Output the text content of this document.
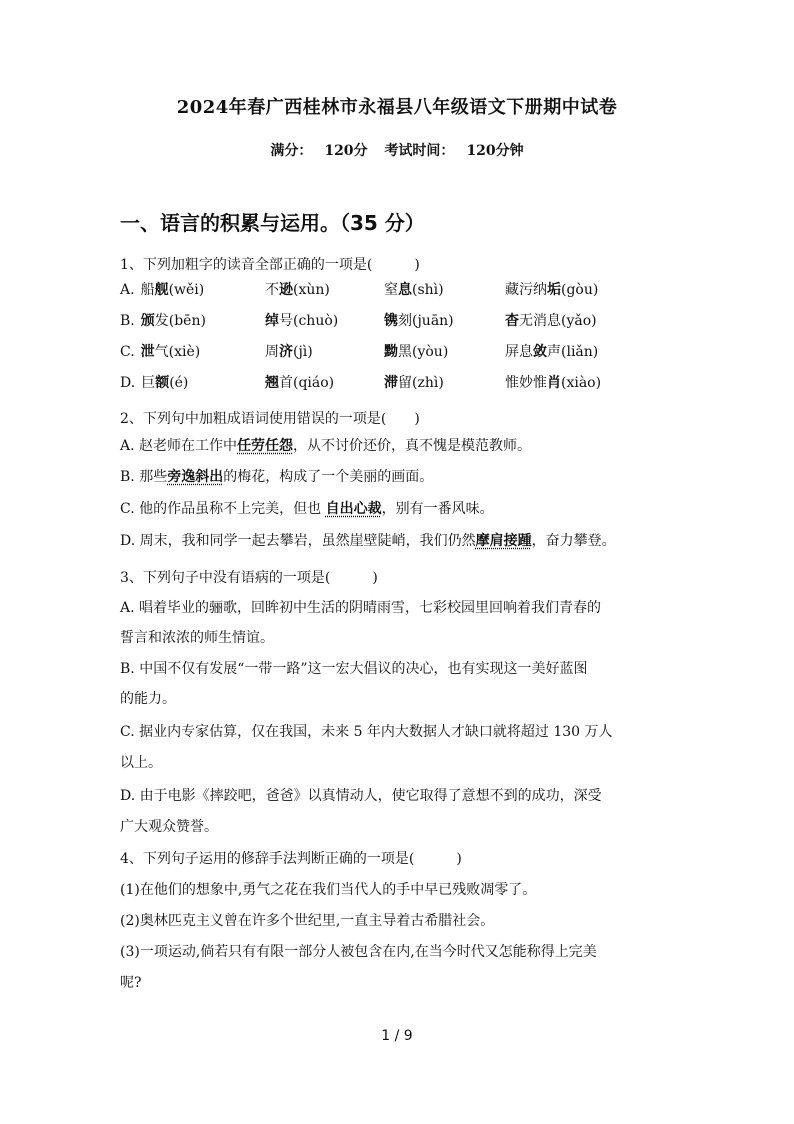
2024年春广西桂林市永福县八年级语文下册期中试卷
满分： 120分 考试时间： 120分钟
一、语言的积累与运用。（35 分）
1、下列加粗字的读音全部正确的一项是(　　　)
A. 船舰(wěi)	不逊(xùn)	窒息(shì)	藏污纳垢(gòu)
B. 颁发(bēn)	绰号(chuò)	镌刻(juān)	杳无消息(yǎo)
C. 泄气(xiè)	周济(jì)	黝黑(yòu)	屏息敛声(liǎn)
D. 巨额(é)	翘首(qiáo)	滞留(zhì)	惟妙惟肖(xiào)
2、下列句中加粗成语词使用错误的一项是(　　)
A. 赵老师在工作中任劳任怨，从不讨价还价，真不愧是模范教师。
B. 那些旁逸斜出的梅花，构成了一个美丽的画面。
C. 他的作品虽称不上完美，但也 自出心裁，别有一番风味。
D. 周末，我和同学一起去攀岩，虽然崖壁陡峭，我们仍然摩肩接踵，奋力攀登。
3、下列句子中没有语病的一项是(　　　)
A. 唱着毕业的骊歌，回眸初中生活的阴晴雨雪，七彩校园里回响着我们青春的
誓言和浓浓的师生情谊。
B. 中国不仅有发展“一带一路”这一宏大倡议的决心，也有实现这一美好蓝图
的能力。
C. 据业内专家估算，仅在我国，未来 5 年内大数据人才缺口就将超过 130 万人
以上。
D. 由于电影《摔跤吧，爸爸》以真情动人，使它取得了意想不到的成功，深受
广大观众赞誉。
4、下列句子运用的修辞手法判断正确的一项是(　　　)
(1)在他们的想象中,勇气之花在我们当代人的手中早已残败凋零了。
(2)奥林匹克主义曾在许多个世纪里,一直主导着古希腊社会。
(3)一项运动,倘若只有有限一部分人被包含在内,在当今时代又怎能称得上完美
呢?
1 / 9
